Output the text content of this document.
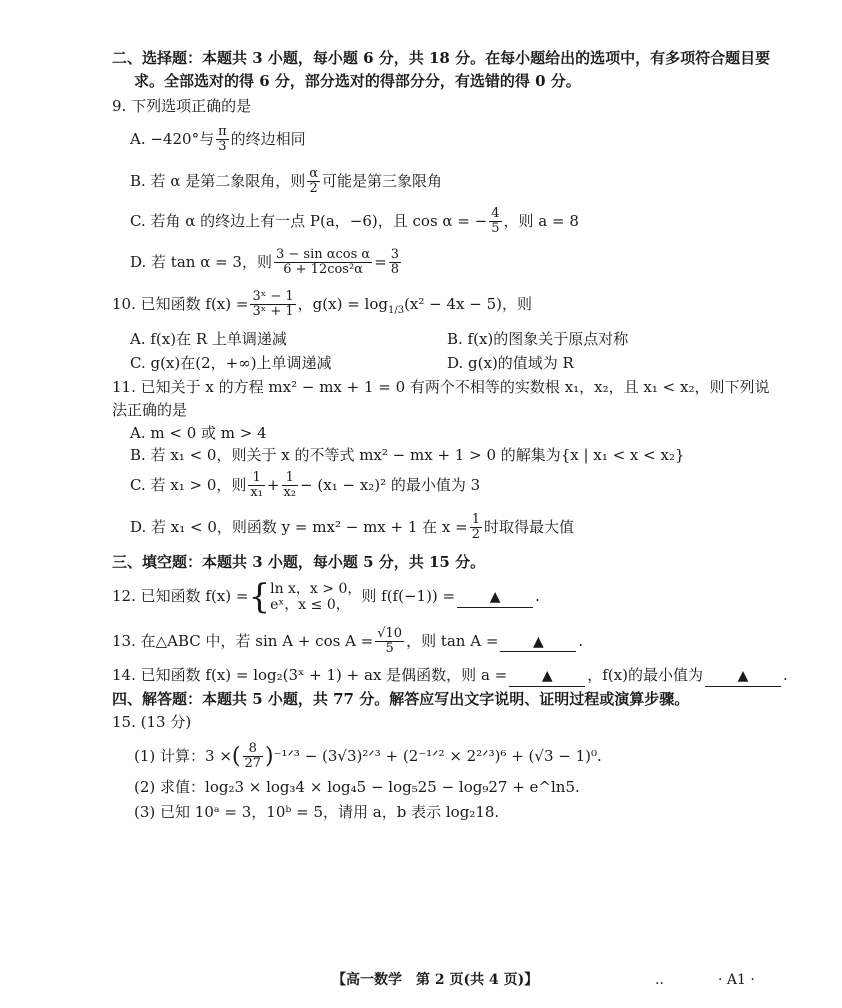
二、选择题：本题共 3 小题，每小题 6 分，共 18 分。在每小题给出的选项中，有多项符合题目要
求。全部选对的得 6 分，部分选对的得部分分，有选错的得 0 分。
9. 下列选项正确的是
A. −420°与 $\frac{\pi}{3}$ 的终边相同
B. 若 α 是第二象限角，则 $\frac{\alpha}{2}$ 可能是第三象限角
C. 若角 α 的终边上有一点 P(a，−6)，且 cos α = − $\frac{4}{5}$ ，则 a = 8
D. 若 tan α = 3，则 $\frac{\text{3 − sin αcos α}}{\text{6 + 12cos²α}} = \frac{3}{8}$
10. 已知函数 $f(x) = \frac{\text{3ˣ − 1}}{\text{3ˣ + 1}}$ ，$g(x) = \log_{1/3}(x^2 - 4x - 5)$，则
A. f(x)在 R 上单调递减	B. f(x)的图象关于原点对称
C. g(x)在(2，+∞)上单调递减	D. g(x)的值域为 R
11. 已知关于 x 的方程 mx² − mx + 1 = 0 有两个不相等的实数根 x₁，x₂，且 x₁ < x₂，则下列说
法正确的是
A. m < 0 或 m > 4
B. 若 x₁ < 0，则关于 x 的不等式 mx² − mx + 1 > 0 的解集为{x | x₁ < x < x₂}
C. 若 x₁ > 0，则 $\frac{1}{\text{x₁}} + \frac{1}{\text{x₂}} - (x_1 - x_2)^2$ 的最小值为 3
D. 若 x₁ < 0，则函数 y = mx² − mx + 1 在 $x = \frac{1}{2}$ 时取得最大值
三、填空题：本题共 3 小题，每小题 5 分，共 15 分。
12. 已知函数 f(x) ={ ln x，x > 0，
eˣ，x ≤ 0， 则 f(f(−1)) = ▲ .
13. 在△ABC 中，若 $\sin A + \cos A = \frac{√10}{5}$ ，则 tan A = ▲ .
14. 已知函数 f(x) = log₂(3ˣ + 1) + ax 是偶函数，则 a = ▲ ，f(x)的最小值为 ▲ .
四、解答题：本题共 5 小题，共 77 分。解答应写出文字说明、证明过程或演算步骤。
15. (13 分)
(1) 计算：3 ×( $\frac{8}{27}$ )⁻¹ᐟ³ − (3√3)²ᐟ³ + (2⁻¹ᐟ² × 2²ᐟ³)⁶ + (√3 − 1)⁰.
(2) 求值：log₂3 × log₃4 × log₄5 − log₅25 − log₉27 + e^ln5.
(3) 已知 10ᵃ = 3，10ᵇ = 5，请用 a，b 表示 log₂18.
【高一数学　第 2 页(共 4 页)】	..	· A1 ·
